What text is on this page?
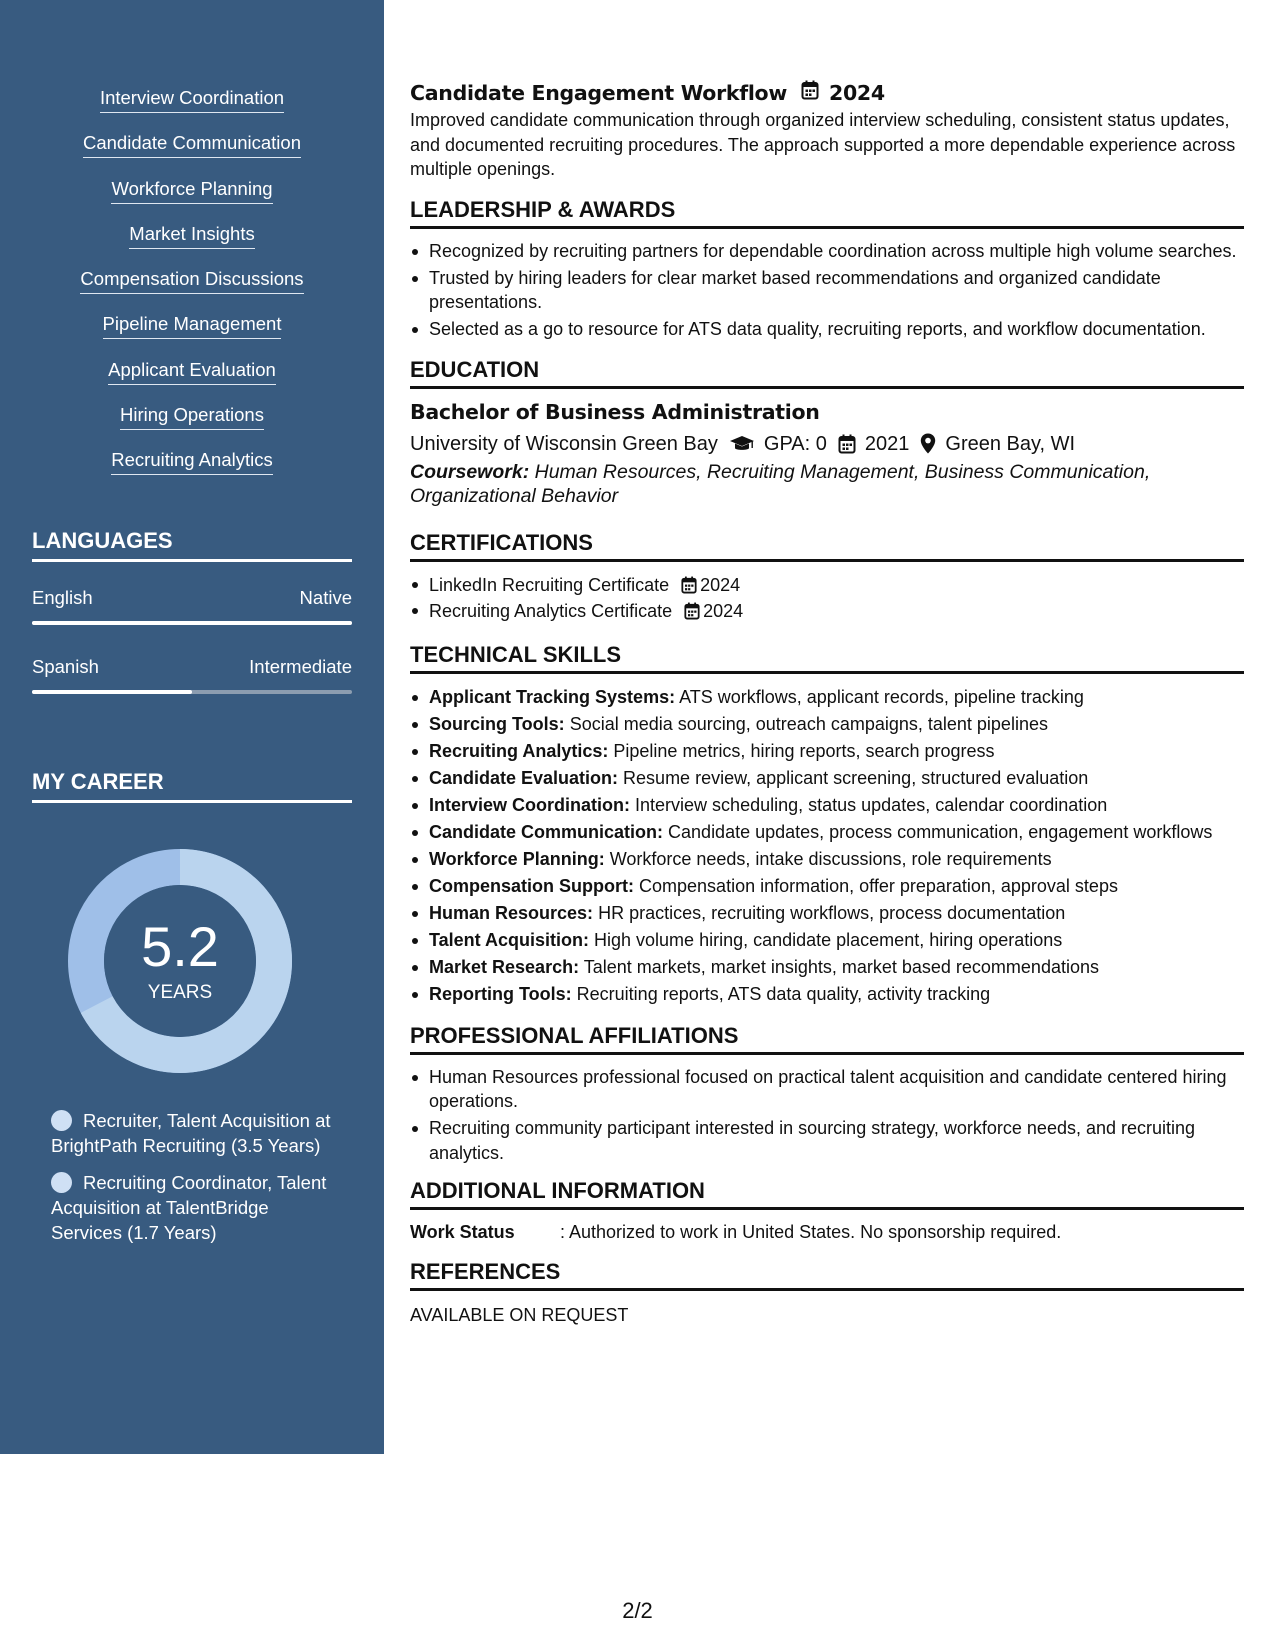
Interview Coordination
Candidate Communication
Workforce Planning
Market Insights
Compensation Discussions
Pipeline Management
Applicant Evaluation
Hiring Operations
Recruiting Analytics
LANGUAGES
English	Native
Spanish	Intermediate
MY CAREER
5.2
YEARS
Recruiter, Talent Acquisition at BrightPath Recruiting (3.5 Years)
Recruiting Coordinator, Talent Acquisition at TalentBridge Services (1.7 Years)
Candidate Engagement Workflow 2024

Improved candidate communication through organized interview scheduling, consistent status updates, and documented recruiting procedures. The approach supported a more dependable experience across multiple openings.

LEADERSHIP & AWARDS
Recognized by recruiting partners for dependable coordination across multiple high volume searches.
Trusted by hiring leaders for clear market based recommendations and organized candidate presentations.
Selected as a go to resource for ATS data quality, recruiting reports, and workflow documentation.
EDUCATION
Bachelor of Business Administration
University of Wisconsin Green Bay GPA: 0 2021 Green Bay, WI
Coursework: Human Resources, Recruiting Management, Business Communication, Organizational Behavior
CERTIFICATIONS
LinkedIn Recruiting Certificate 2024
Recruiting Analytics Certificate 2024
TECHNICAL SKILLS
Applicant Tracking Systems: ATS workflows, applicant records, pipeline tracking
Sourcing Tools: Social media sourcing, outreach campaigns, talent pipelines
Recruiting Analytics: Pipeline metrics, hiring reports, search progress
Candidate Evaluation: Resume review, applicant screening, structured evaluation
Interview Coordination: Interview scheduling, status updates, calendar coordination
Candidate Communication: Candidate updates, process communication, engagement workflows
Workforce Planning: Workforce needs, intake discussions, role requirements
Compensation Support: Compensation information, offer preparation, approval steps
Human Resources: HR practices, recruiting workflows, process documentation
Talent Acquisition: High volume hiring, candidate placement, hiring operations
Market Research: Talent markets, market insights, market based recommendations
Reporting Tools: Recruiting reports, ATS data quality, activity tracking
PROFESSIONAL AFFILIATIONS
Human Resources professional focused on practical talent acquisition and candidate centered hiring operations.
Recruiting community participant interested in sourcing strategy, workforce needs, and recruiting analytics.
ADDITIONAL INFORMATION
Work Status	: Authorized to work in United States. No sponsorship required.
REFERENCES
AVAILABLE ON REQUEST
2/2
